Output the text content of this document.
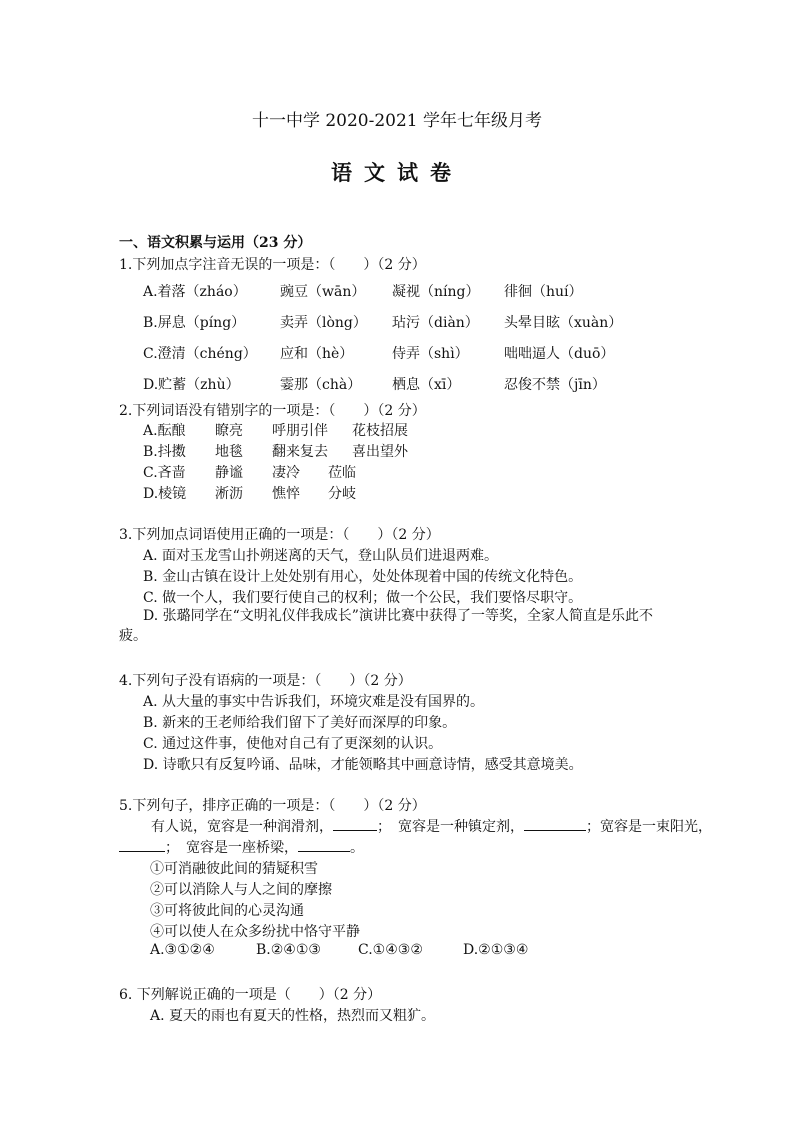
十一中学 2020-2021 学年七年级月考
语文试卷
一、语文积累与运用（23 分）
1.下列加点字注音无误的一项是：（　　）（2 分）
A.着落（zháo） 豌豆（wān） 凝视（níng） 徘徊（huí）
B.屏息（píng） 卖弄（lòng） 玷污（diàn） 头晕目眩（xuàn）
C.澄清（chéng） 应和（hè）	侍弄（shì）	咄咄逼人（duō）
D.贮蓄（zhù）	霎那（chà） 栖息（xī）	忍俊不禁（jīn）
2.下列词语没有错别字的一项是：（　　）（2 分）
A.酝酿 瞭亮 呼朋引伴 花枝招展
B.抖擞 地毯 翻来复去 喜出望外
C.吝啬 静谧 凄冷 莅临
D.棱镜 淅沥 憔悴 分岐
3.下列加点词语使用正确的一项是：（　　）（2 分）
A. 面对玉龙雪山扑朔迷离的天气，登山队员们进退两难。
B. 金山古镇在设计上处处别有用心，处处体现着中国的传统文化特色。
C. 做一个人，我们要行使自己的权利；做一个公民，我们要恪尽职守。
D. 张璐同学在“文明礼仪伴我成长”演讲比赛中获得了一等奖，全家人简直是乐此不疲。
4.下列句子没有语病的一项是：（　　）（2 分）
A. 从大量的事实中告诉我们，环境灾难是没有国界的。
B. 新来的王老师给我们留下了美好而深厚的印象。
C. 通过这件事，使他对自己有了更深刻的认识。
D. 诗歌只有反复吟诵、品味，才能领略其中画意诗情，感受其意境美。
5.下列句子，排序正确的一项是：（　　）（2 分）
有人说，宽容是一种润滑剂，	；　宽容是一种镇定剂，	；宽容是一束阳光，
；　宽容是一座桥梁，	。
①可消融彼此间的猜疑积雪
②可以消除人与人之间的摩擦
③可将彼此间的心灵沟通
④可以使人在众多纷扰中恪守平静
A.③①②④	B.②④①③	C.①④③②	D.②①③④
6. 下列解说正确的一项是（　　）（2 分）
A. 夏天的雨也有夏天的性格，热烈而又粗犷。
